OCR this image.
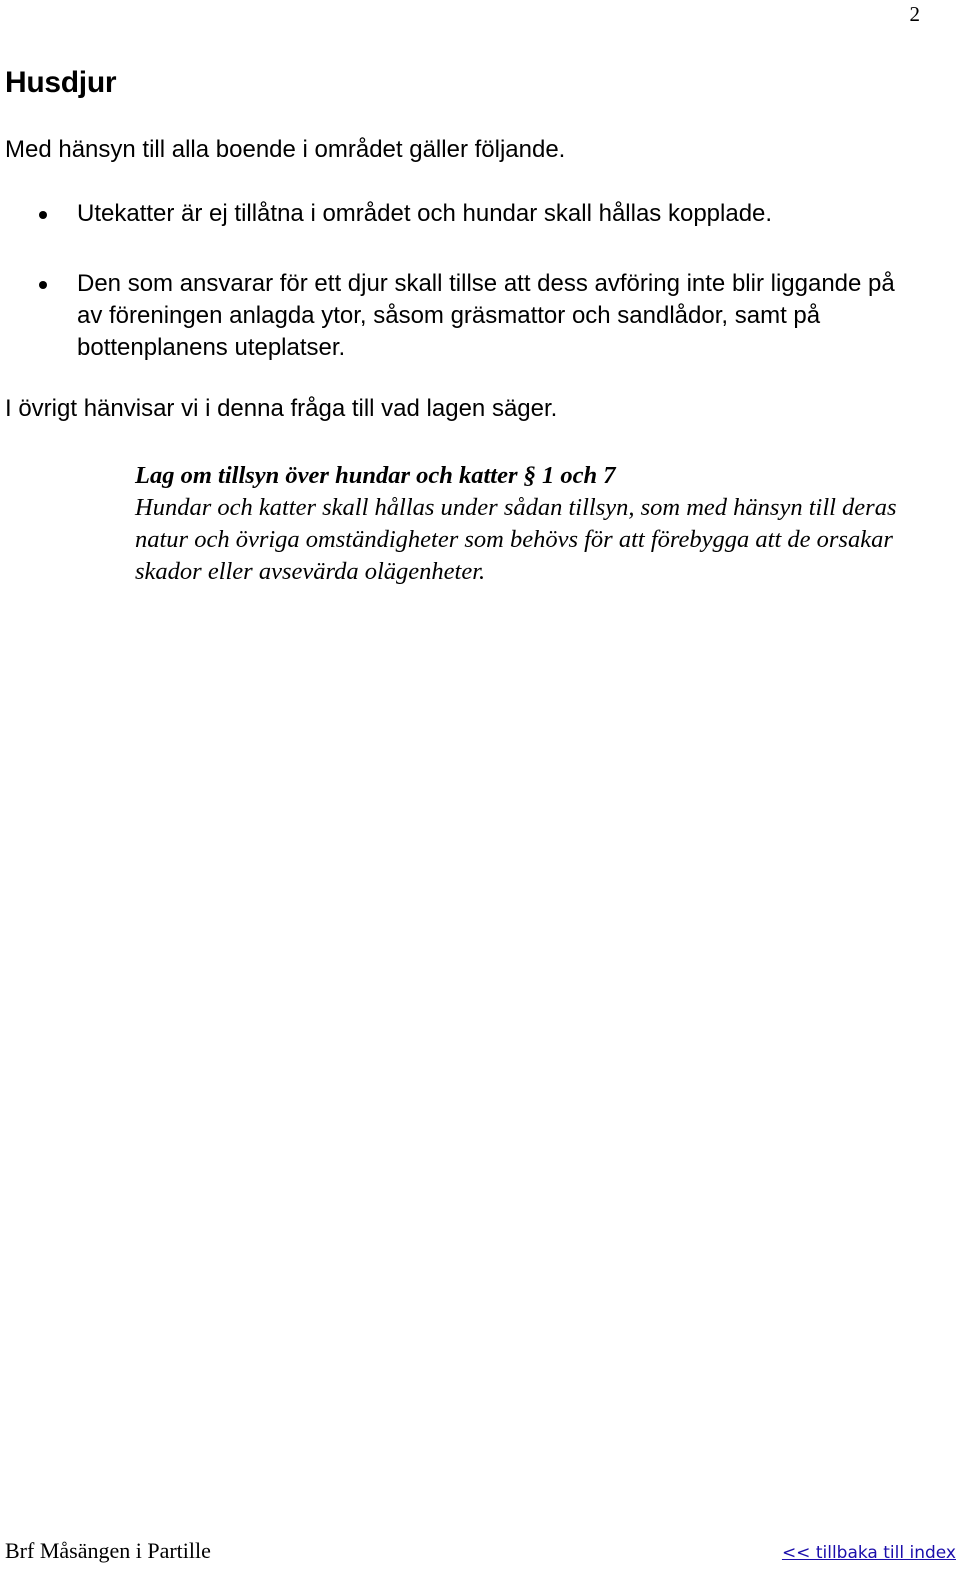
2
Husdjur

Med hänsyn till alla boende i området gäller följande.

Utekatter är ej tillåtna i området och hundar skall hållas kopplade.
Den som ansvarar för ett djur skall tillse att dess avföring inte blir liggande på av föreningen anlagda ytor, såsom gräsmattor och sandlådor, samt på bottenplanens uteplatser.

I övrigt hänvisar vi i denna fråga till vad lagen säger.

Lag om tillsyn över hundar och katter § 1 och 7
Hundar och katter skall hållas under sådan tillsyn, som med hänsyn till deras natur och övriga omständigheter som behövs för att förebygga att de orsakar skador eller avsevärda olägenheter.
Brf Måsängen i Partille	<< tillbaka till index
